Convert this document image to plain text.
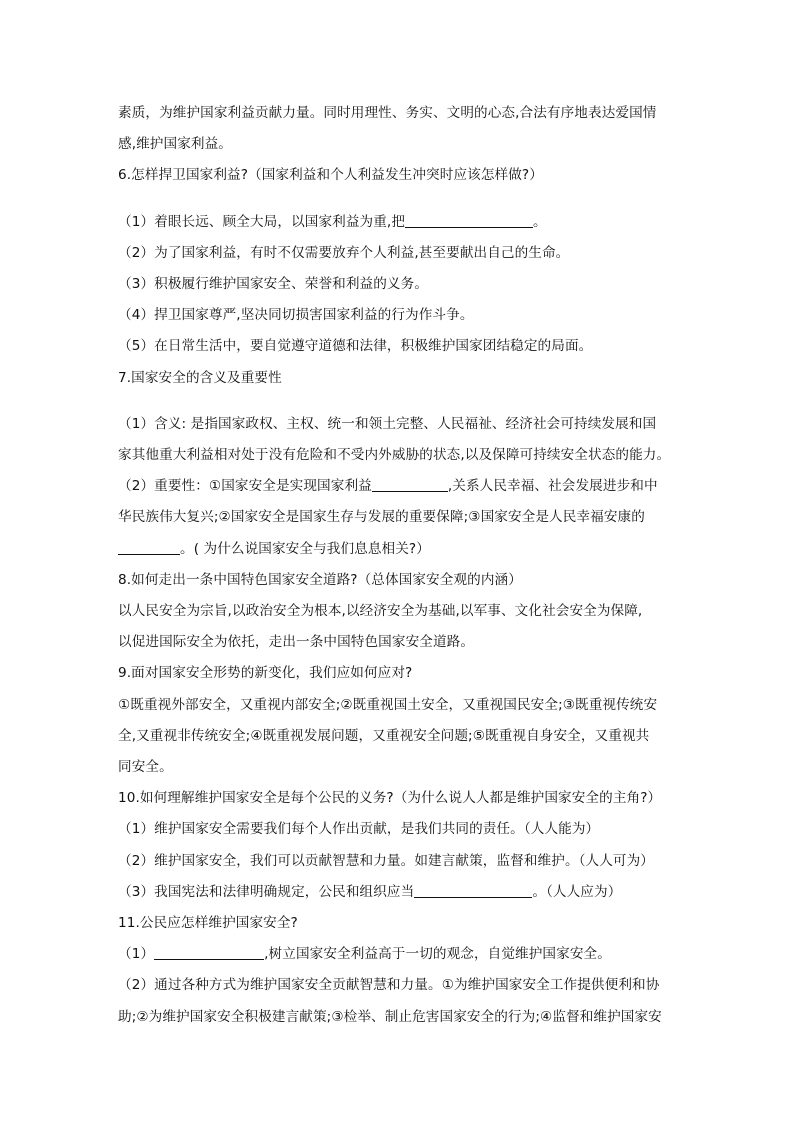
素质，为维护国家利益贡献力量。同时用理性、务实、文明的心态,合法有序地表达爱国情
感,维护国家利益。
6.怎样捍卫国家利益?（国家利益和个人利益发生冲突时应该怎样做?）
（1）着眼长远、顾全大局，以国家利益为重,把	。
（2）为了国家利益，有时不仅需要放弃个人利益,甚至要献出自己的生命。
（3）积极履行维护国家安全、荣誉和利益的义务。
（4）捍卫国家尊严,坚决同切损害国家利益的行为作斗争。
（5）在日常生活中，要自觉遵守道德和法律，积极维护国家团结稳定的局面。
7.国家安全的含义及重要性
（1）含义: 是指国家政权、主权、统一和领土完整、人民福祉、经济社会可持续发展和国
家其他重大利益相对处于没有危险和不受内外威胁的状态,以及保障可持续安全状态的能力。
（2）重要性：①国家安全是实现国家利益	,关系人民幸福、社会发展进步和中
华民族伟大复兴;②国家安全是国家生存与发展的重要保障;③国家安全是人民幸福安康的
。( 为什么说国家安全与我们息息相关?）
8.如何走出一条中国特色国家安全道路?（总体国家安全观的内涵）
以人民安全为宗旨,以政治安全为根本,以经济安全为基础,以军事、文化社会安全为保障,
以促进国际安全为依托，走出一条中国特色国家安全道路。
9.面对国家安全形势的新变化，我们应如何应对?
①既重视外部安全，又重视内部安全;②既重视国土安全，又重视国民安全;③既重视传统安
全,又重视非传统安全;④既重视发展问题，又重视安全问题;⑤既重视自身安全，又重视共
同安全。
10.如何理解维护国家安全是每个公民的义务?（为什么说人人都是维护国家安全的主角?）
（1）维护国家安全需要我们每个人作出贡献，是我们共同的责任。（人人能为）
（2）维护国家安全，我们可以贡献智慧和力量。如建言献策，监督和维护。（人人可为）
（3）我国宪法和法律明确规定，公民和组织应当	。（人人应为）
11.公民应怎样维护国家安全?
（1）	,树立国家安全利益高于一切的观念，自觉维护国家安全。
（2）通过各种方式为维护国家安全贡献智慧和力量。①为维护国家安全工作提供便利和协
助;②为维护国家安全积极建言献策;③检举、制止危害国家安全的行为;④监督和维护国家安
